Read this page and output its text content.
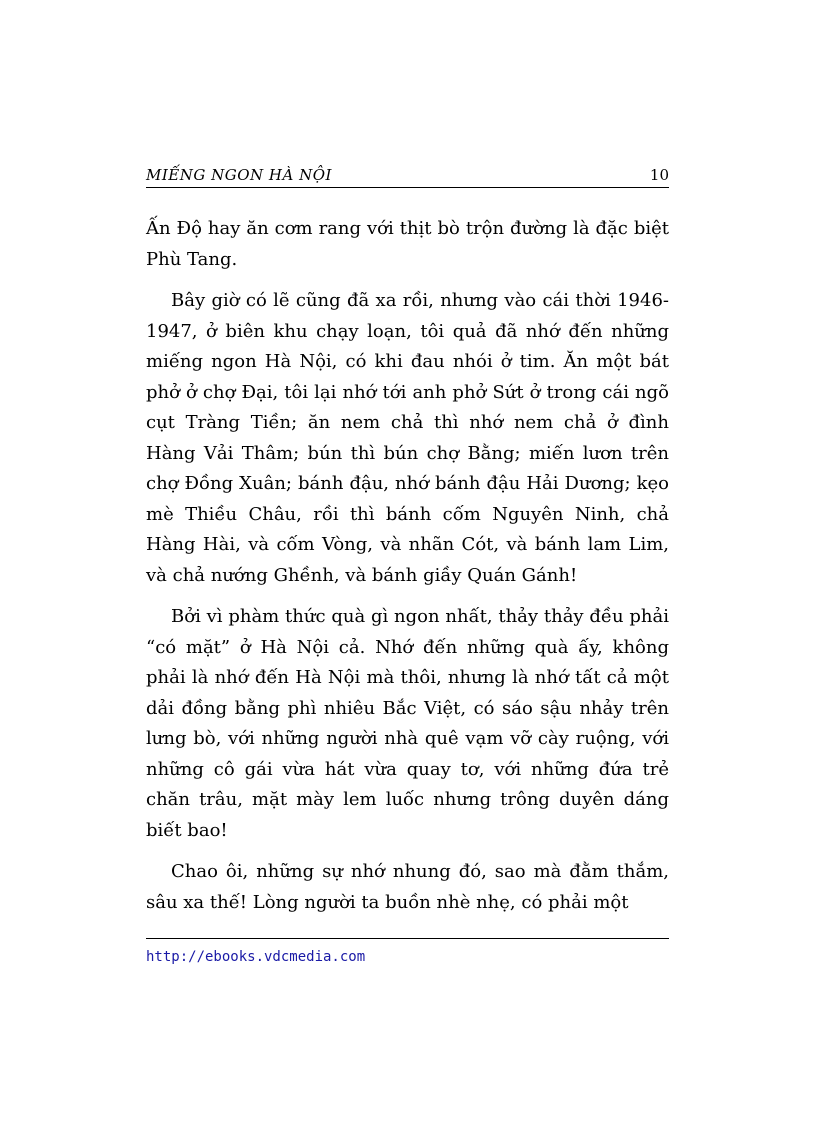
MIẾNG NGON HÀ NỘI	10

Ấn Độ hay ăn cơm rang với thịt bò trộn đường là đặc biệt Phù Tang.

Bây giờ có lẽ cũng đã xa rồi, nhưng vào cái thời 1946-1947, ở biên khu chạy loạn, tôi quả đã nhớ đến những miếng ngon Hà Nội, có khi đau nhói ở tim. Ăn một bát phở ở chợ Đại, tôi lại nhớ tới anh phở Sứt ở trong cái ngõ cụt Tràng Tiền; ăn nem chả thì nhớ nem chả ở đình Hàng Vải Thâm; bún thì bún chợ Bằng; miến lươn trên chợ Đồng Xuân; bánh đậu, nhớ bánh đậu Hải Dương; kẹo mè Thiều Châu, rồi thì bánh cốm Nguyên Ninh, chả Hàng Hài, và cốm Vòng, và nhãn Cót, và bánh lam Lim, và chả nướng Ghềnh, và bánh giầy Quán Gánh!

Bởi vì phàm thức quà gì ngon nhất, thảy thảy đều phải “có mặt” ở Hà Nội cả. Nhớ đến những quà ấy, không phải là nhớ đến Hà Nội mà thôi, nhưng là nhớ tất cả một dải đồng bằng phì nhiêu Bắc Việt, có sáo sậu nhảy trên lưng bò, với những người nhà quê vạm vỡ cày ruộng, với những cô gái vừa hát vừa quay tơ, với những đứa trẻ chăn trâu, mặt mày lem luốc nhưng trông duyên dáng biết bao!

Chao ôi, những sự nhớ nhung đó, sao mà đằm thắm, sâu xa thế! Lòng người ta buồn nhè nhẹ, có phải một

http://ebooks.vdcmedia.com
